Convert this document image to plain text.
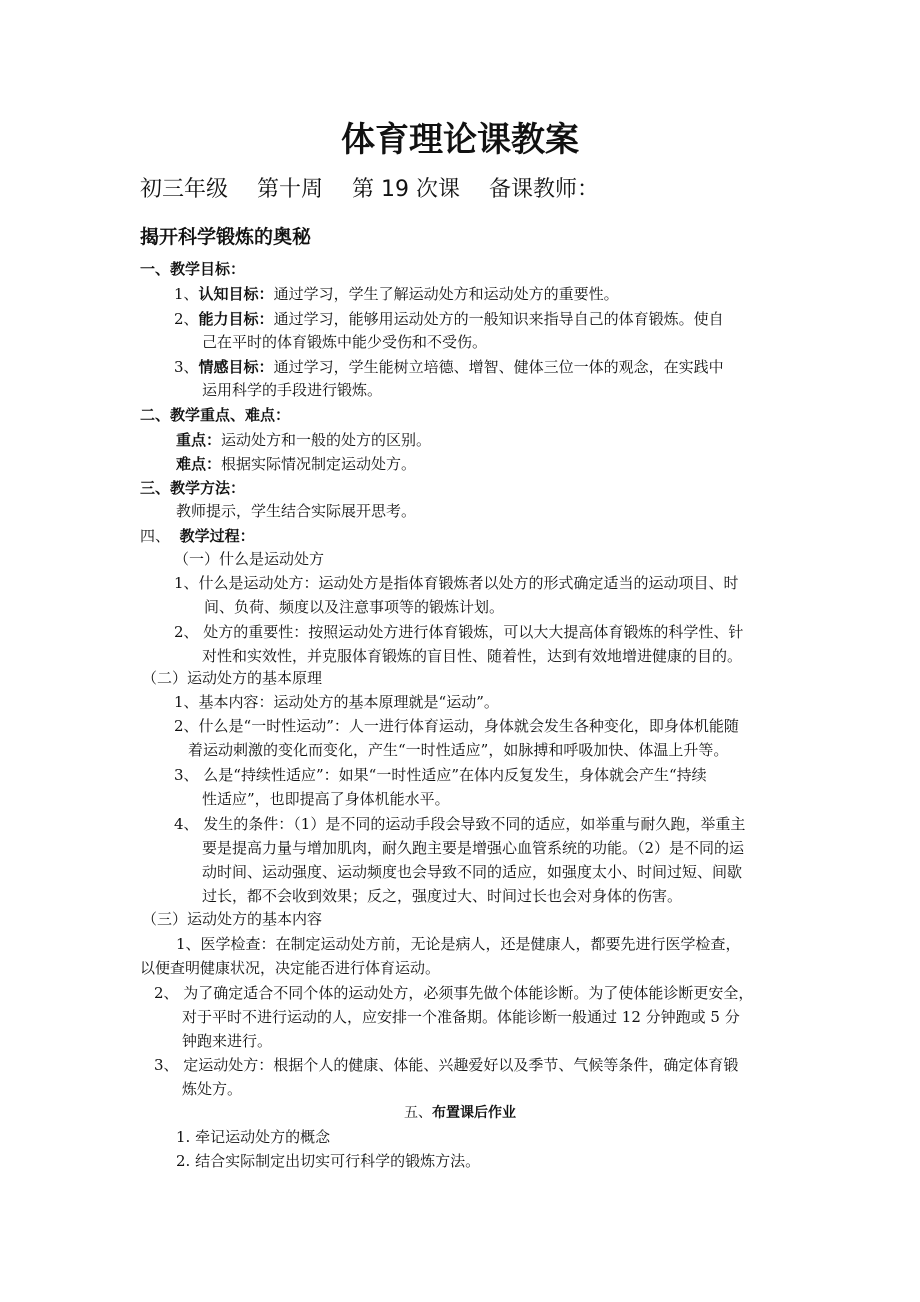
体育理论课教案
初三年级 第十周 第 19 次课 备课教师：
揭开科学锻炼的奥秘
一、教学目标：
1、认知目标：通过学习，学生了解运动处方和运动处方的重要性。
2、能力目标：通过学习，能够用运动处方的一般知识来指导自己的体育锻炼。使自
己在平时的体育锻炼中能少受伤和不受伤。
3、情感目标：通过学习，学生能树立培德、增智、健体三位一体的观念，在实践中
运用科学的手段进行锻炼。
二、教学重点、难点：
重点：运动处方和一般的处方的区别。
难点：根据实际情况制定运动处方。
三、教学方法：
教师提示，学生结合实际展开思考。
四、 教学过程：
（一）什么是运动处方
1、什么是运动处方：运动处方是指体育锻炼者以处方的形式确定适当的运动项目、时
间、负荷、频度以及注意事项等的锻炼计划。
2、 处方的重要性：按照运动处方进行体育锻炼，可以大大提高体育锻炼的科学性、针
对性和实效性，并克服体育锻炼的盲目性、随着性，达到有效地增进健康的目的。
（二）运动处方的基本原理
1、基本内容：运动处方的基本原理就是“运动”。
2、什么是“一时性运动”：人一进行体育运动，身体就会发生各种变化，即身体机能随
着运动刺激的变化而变化，产生“一时性适应”，如脉搏和呼吸加快、体温上升等。
3、 么是“持续性适应”：如果“一时性适应”在体内反复发生，身体就会产生“持续
性适应”，也即提高了身体机能水平。
4、 发生的条件：（1）是不同的运动手段会导致不同的适应，如举重与耐久跑，举重主
要是提高力量与增加肌肉，耐久跑主要是增强心血管系统的功能。（2）是不同的运
动时间、运动强度、运动频度也会导致不同的适应，如强度太小、时间过短、间歇
过长，都不会收到效果；反之，强度过大、时间过长也会对身体的伤害。
（三）运动处方的基本内容
1、医学检查：在制定运动处方前，无论是病人，还是健康人，都要先进行医学检查，
以便查明健康状况，决定能否进行体育运动。
2、 为了确定适合不同个体的运动处方，必须事先做个体能诊断。为了使体能诊断更安全，
对于平时不进行运动的人，应安排一个准备期。体能诊断一般通过 12 分钟跑或 5 分
钟跑来进行。
3、 定运动处方：根据个人的健康、体能、兴趣爱好以及季节、气候等条件，确定体育锻
炼处方。
五、布置课后作业
1. 牵记运动处方的概念
2. 结合实际制定出切实可行科学的锻炼方法。
